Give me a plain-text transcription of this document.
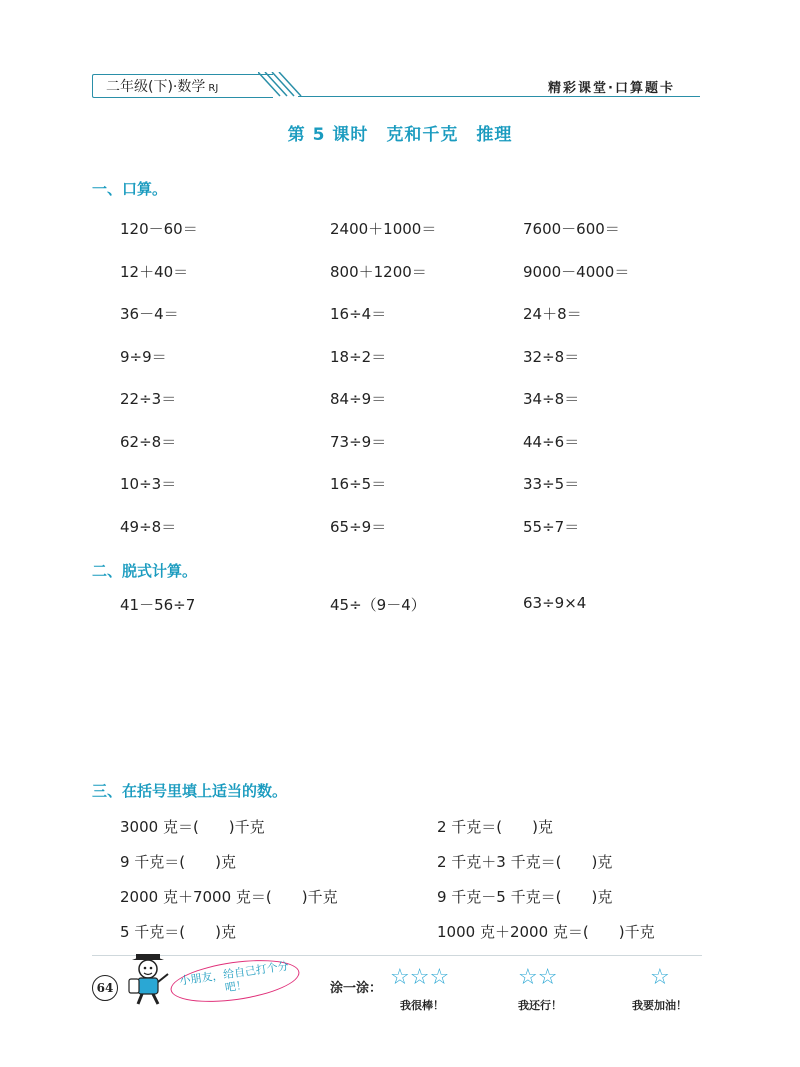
二年级(下)·数学 RJ	精彩课堂·口算题卡
第 5 课时　克和千克　推理
一、口算。
120－60＝	2400＋1000＝	7600－600＝
12＋40＝	800＋1200＝	9000－4000＝
36－4＝	16÷4＝	24＋8＝
9÷9＝	18÷2＝	32÷8＝
22÷3＝	84÷9＝	34÷8＝
62÷8＝	73÷9＝	44÷6＝
10÷3＝	16÷5＝	33÷5＝
49÷8＝	65÷9＝	55÷7＝
二、脱式计算。
41－56÷7	45÷（9－4）	63÷9×4
三、在括号里填上适当的数。
3000 克＝(　　)千克	2 千克＝(　　)克
9 千克＝(　　)克	2 千克＋3 千克＝(　　)克
2000 克＋7000 克＝(　　)千克	9 千克－5 千克＝(　　)克
5 千克＝(　　)克	1000 克＋2000 克＝(　　)千克
64
小朋友，给自己打个分吧！	涂一涂： ☆☆☆
我很棒！
☆☆
我还行！
☆
我要加油！
